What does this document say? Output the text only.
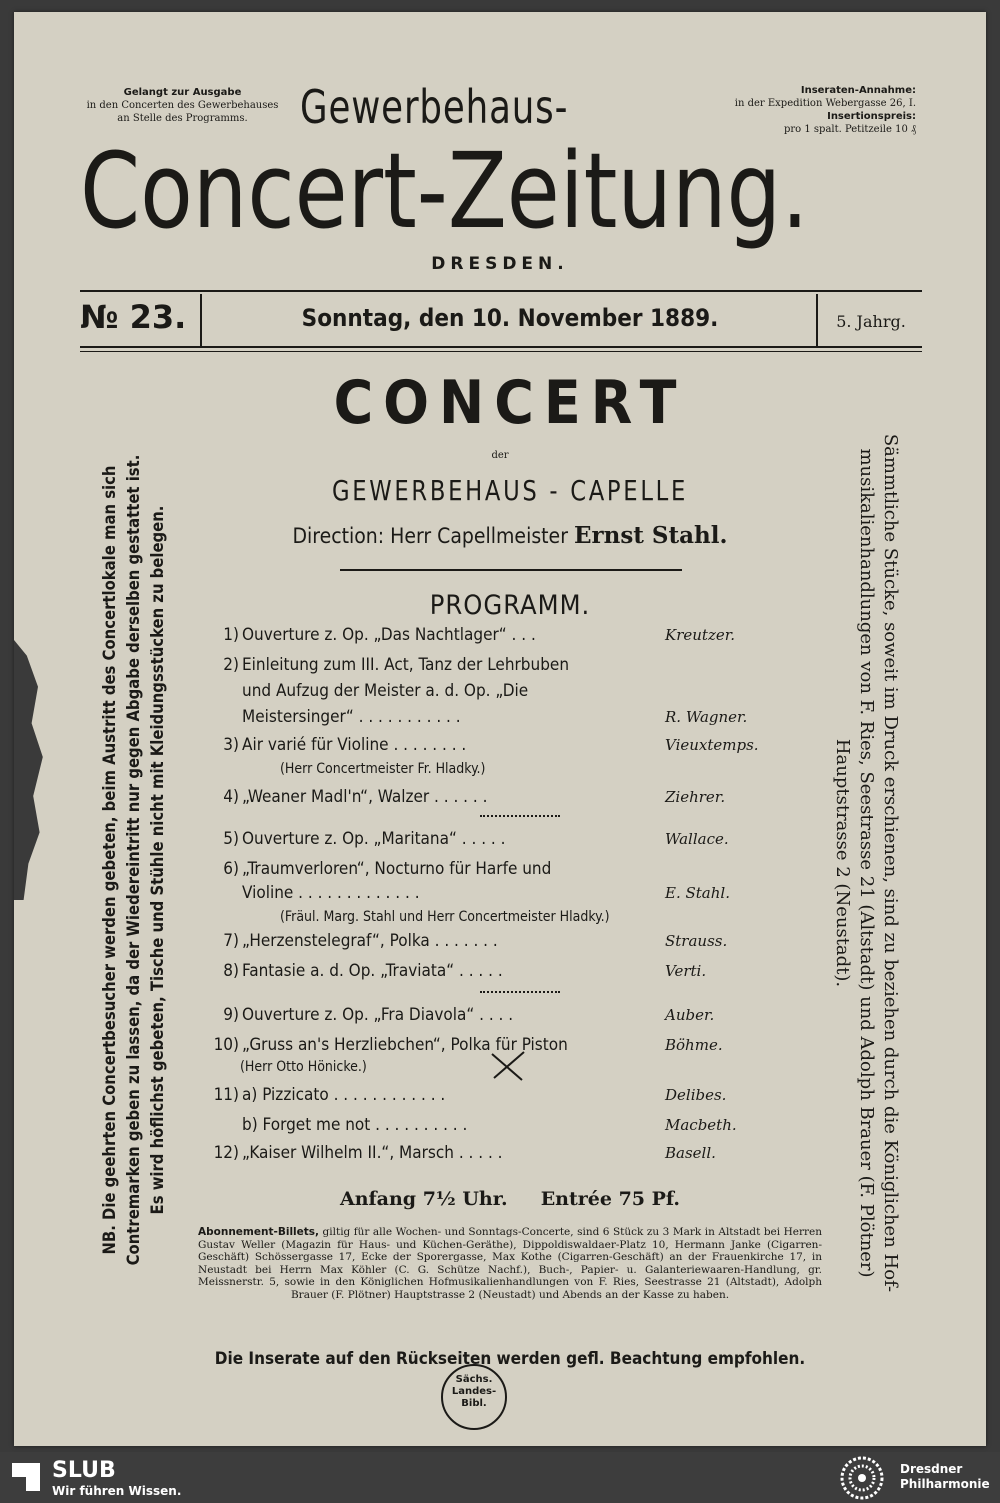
Gelangt zur Ausgabe
in den Concerten des Gewerbehauses
an Stelle des Programms.	Gewerbehaus-	Inseraten-Annahme:
in der Expedition Webergasse 26, I.
Insertionspreis:
pro 1 spalt. Petitzeile 10 ₰
Concert-Zeitung.
DRESDEN.
№ 23.	Sonntag, den 10. November 1889.	5. Jahrg.
CONCERT
der
GEWERBEHAUS - CAPELLE
Direction: Herr Capellmeister Ernst Stahl.
PROGRAMM.
1) Ouverture z. Op. „Das Nachtlager“ . . .	Kreutzer.
2) Einleitung zum III. Act, Tanz der Lehrbuben
und Aufzug der Meister a. d. Op. „Die
Meistersinger“ . . . . . . . . . . .	R. Wagner.
3) Air varié für Violine . . . . . . . .	Vieuxtemps.
(Herr Concertmeister Fr. Hladky.)
4) „Weaner Madl'n“, Walzer . . . . . .	Ziehrer.
5) Ouverture z. Op. „Maritana“ . . . . .	Wallace.
6) „Traumverloren“, Nocturno für Harfe und
Violine . . . . . . . . . . . . .	E. Stahl.
(Fräul. Marg. Stahl und Herr Concertmeister Hladky.)
7) „Herzenstelegraf“, Polka . . . . . . .	Strauss.
8) Fantasie a. d. Op. „Traviata“ . . . . .	Verti.
9) Ouverture z. Op. „Fra Diavola“ . . . .	Auber.
10) „Gruss an's Herzliebchen“, Polka für Piston	Böhme.
(Herr Otto Hönicke.)
11) a) Pizzicato . . . . . . . . . . . .	Delibes.
b) Forget me not . . . . . . . . . .	Macbeth.
12) „Kaiser Wilhelm II.“, Marsch . . . . .	Basell.
Anfang 7½ Uhr. Entrée 75 Pf.
Abonnement-Billets, giltig für alle Wochen- und Sonntags-Concerte, sind 6 Stück zu 3 Mark in Altstadt bei Herren Gustav Weller (Magazin für Haus- und Küchen-Geräthe), Dippoldiswaldaer-Platz 10, Hermann Janke (Cigarren-Geschäft) Schössergasse 17, Ecke der Sporergasse, Max Kothe (Cigarren-Geschäft) an der Frauenkirche 17, in Neustadt bei Herrn Max Köhler (C. G. Schütze Nachf.), Buch-, Papier- u. Galanteriewaaren-Handlung, gr. Meissnerstr. 5, sowie in den Königlichen Hofmusikalienhandlungen von F. Ries, Seestrasse 21 (Altstadt), Adolph Brauer (F. Plötner) Hauptstrasse 2 (Neustadt) und Abends an der Kasse zu haben.
Die Inserate auf den Rückseiten werden gefl. Beachtung empfohlen.
Sächs.
Landes-
Bibl.
NB. Die geehrten Concertbesucher werden gebeten, beim Austritt des Concertlokale man sich Contremarken geben zu lassen, da der Wiedereintritt nur gegen Abgabe derselben gestattet ist. Es wird höflichst gebeten, Tische und Stühle nicht mit Kleidungsstücken zu belegen.	Sämmtliche Stücke, soweit im Druck erschienen, sind zu beziehen durch die Königlichen Hof-
musikalienhandlungen von F. Ries, Seestrasse 21 (Altstadt) und Adolph Brauer (F. Plötner)
Hauptstrasse 2 (Neustadt).
SLUB
Wir führen Wissen.
Dresdner
Philharmonie
